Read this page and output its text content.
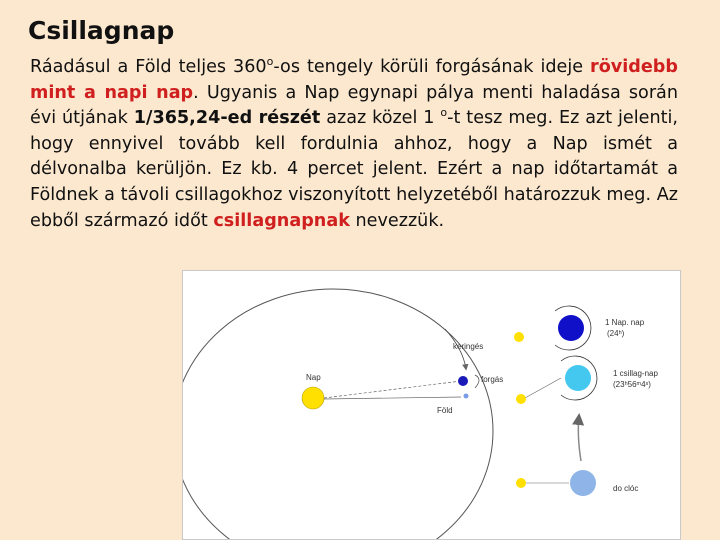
Csillagnap
Ráadásul a Föld teljes 360$^o$-os tengely körüli forgásának ideje rövidebb mint a napi nap. Ugyanis a Nap egynapi pálya menti haladása során évi útjának 1/365,24-ed részét azaz közel 1 $^o$-t tesz meg. Ez azt jelenti, hogy ennyivel tovább kell fordulnia ahhoz, hogy a Nap ismét a délvonalba kerüljön. Ez kb. 4 percet jelent. Ezért a nap időtartamát a Földnek a távoli csillagokhoz viszonyított helyzetéből határozzuk meg. Az ebből származó időt csillagnapnak nevezzük.
Nap
Föld
keringés
forgás
1 Nap. nap
(24ʰ)
1 csillag-nap
(23ʰ56ᵐ4ˢ)
do clóc
